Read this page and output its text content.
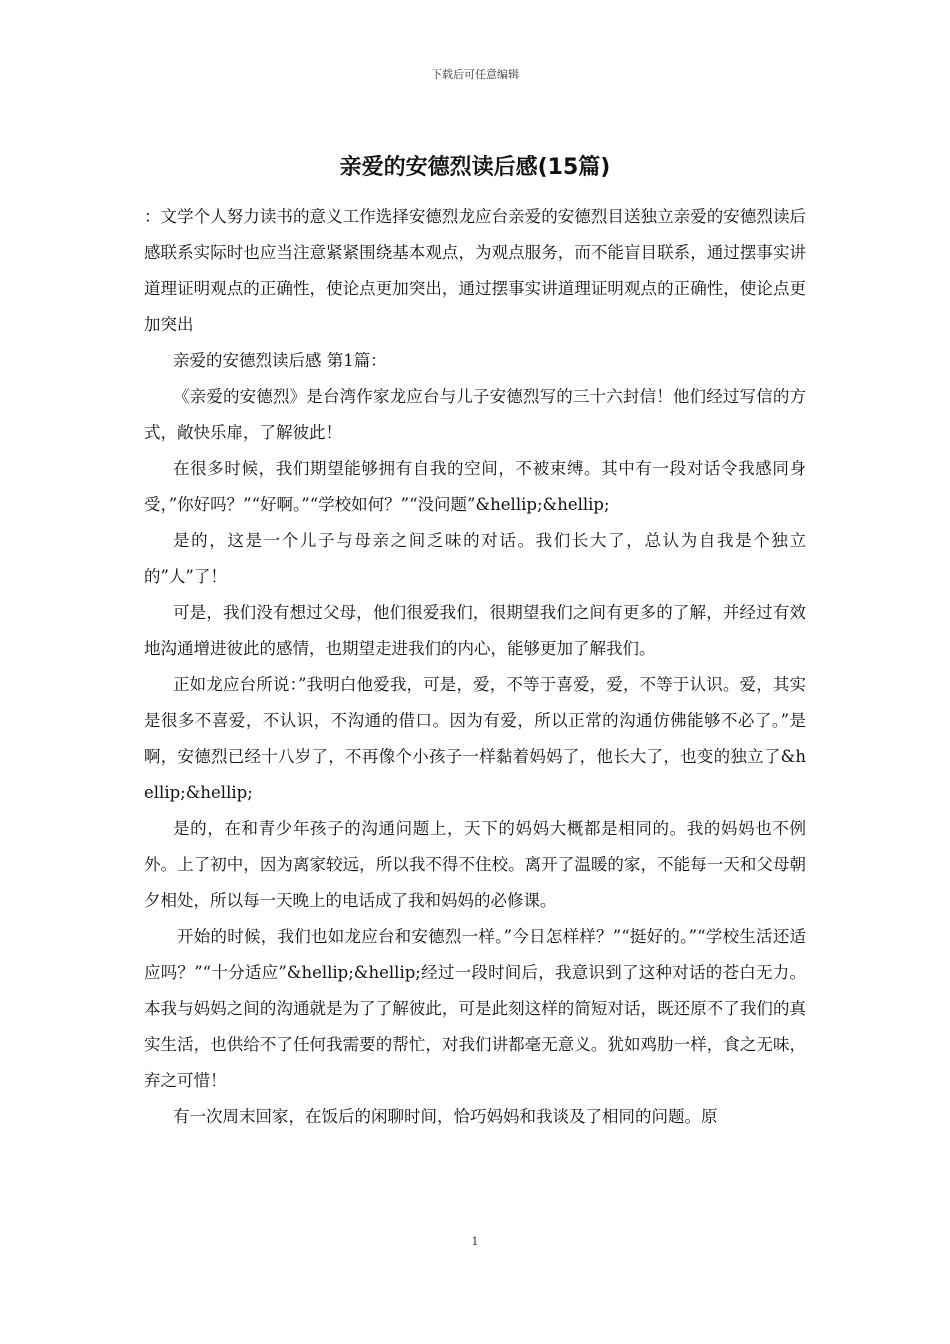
下载后可任意编辑
亲爱的安德烈读后感(15篇)

：文学个人努力读书的意义工作选择安德烈龙应台亲爱的安德烈目送独立亲爱的安德烈读后感联系实际时也应当注意紧紧围绕基本观点，为观点服务，而不能盲目联系，通过摆事实讲道理证明观点的正确性，使论点更加突出，通过摆事实讲道理证明观点的正确性，使论点更加突出

亲爱的安德烈读后感 第1篇：

《亲爱的安德烈》是台湾作家龙应台与儿子安德烈写的三十六封信！他们经过写信的方式，敞快乐扉，了解彼此！

在很多时候，我们期望能够拥有自我的空间，不被束缚。其中有一段对话令我感同身受，”你好吗？”“好啊。”“学校如何？”“没问题”&hellip;&hellip;

是的，这是一个儿子与母亲之间乏味的对话。我们长大了，总认为自我是个独立的”人”了！

可是，我们没有想过父母，他们很爱我们，很期望我们之间有更多的了解，并经过有效地沟通增进彼此的感情，也期望走进我们的内心，能够更加了解我们。

正如龙应台所说：”我明白他爱我，可是，爱，不等于喜爱，爱，不等于认识。爱，其实是很多不喜爱，不认识，不沟通的借口。因为有爱，所以正常的沟通仿佛能够不必了。”是啊，安德烈已经十八岁了，不再像个小孩子一样黏着妈妈了，他长大了，也变的独立了&hellip;&hellip;

是的，在和青少年孩子的沟通问题上，天下的妈妈大概都是相同的。我的妈妈也不例外。上了初中，因为离家较远，所以我不得不住校。离开了温暖的家，不能每一天和父母朝夕相处，所以每一天晚上的电话成了我和妈妈的必修课。

开始的时候，我们也如龙应台和安德烈一样。”今日怎样样？”“挺好的。”“学校生活还适应吗？”“十分适应”&hellip;&hellip;经过一段时间后，我意识到了这种对话的苍白无力。本我与妈妈之间的沟通就是为了了解彼此，可是此刻这样的简短对话，既还原不了我们的真实生活，也供给不了任何我需要的帮忙，对我们讲都毫无意义。犹如鸡肋一样，食之无味，弃之可惜！

有一次周末回家，在饭后的闲聊时间，恰巧妈妈和我谈及了相同的问题。原

1
